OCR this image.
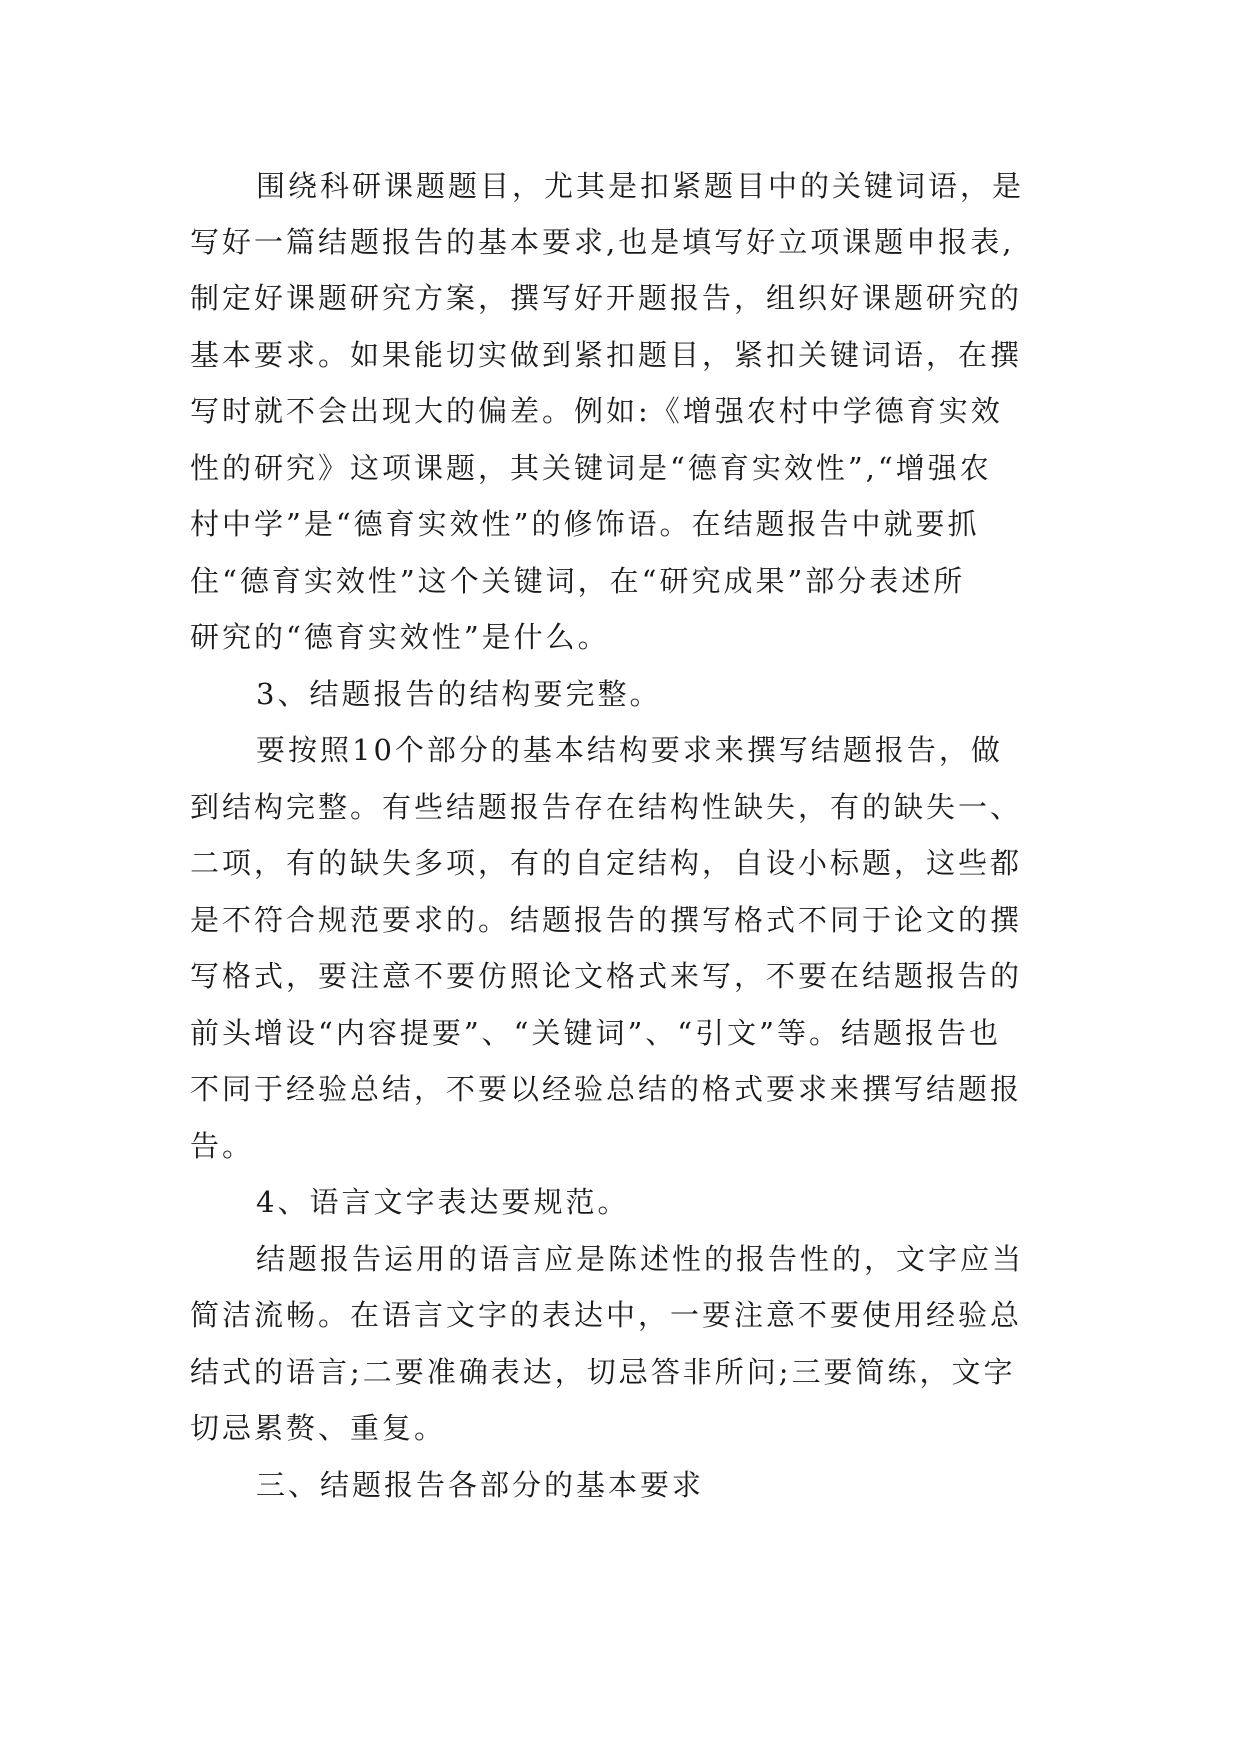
围绕科研课题题目，尤其是扣紧题目中的关键词语，是
写好一篇结题报告的基本要求,也是填写好立项课题申报表,
制定好课题研究方案，撰写好开题报告，组织好课题研究的
基本要求。如果能切实做到紧扣题目，紧扣关键词语，在撰
写时就不会出现大的偏差。例如:《增强农村中学德育实效
性的研究》这项课题，其关键词是“德育实效性”,“增强农
村中学”是“德育实效性”的修饰语。在结题报告中就要抓
住“德育实效性”这个关键词，在“研究成果”部分表述所
研究的“德育实效性”是什么。
3、结题报告的结构要完整。
要按照10个部分的基本结构要求来撰写结题报告，做
到结构完整。有些结题报告存在结构性缺失，有的缺失一、
二项，有的缺失多项，有的自定结构，自设小标题，这些都
是不符合规范要求的。结题报告的撰写格式不同于论文的撰
写格式，要注意不要仿照论文格式来写，不要在结题报告的
前头增设“内容提要”、“关键词”、“引文”等。结题报告也
不同于经验总结，不要以经验总结的格式要求来撰写结题报
告。
4、语言文字表达要规范。
结题报告运用的语言应是陈述性的报告性的，文字应当
简洁流畅。在语言文字的表达中，一要注意不要使用经验总
结式的语言;二要准确表达，切忌答非所问;三要简练，文字
切忌累赘、重复。
三、结题报告各部分的基本要求
